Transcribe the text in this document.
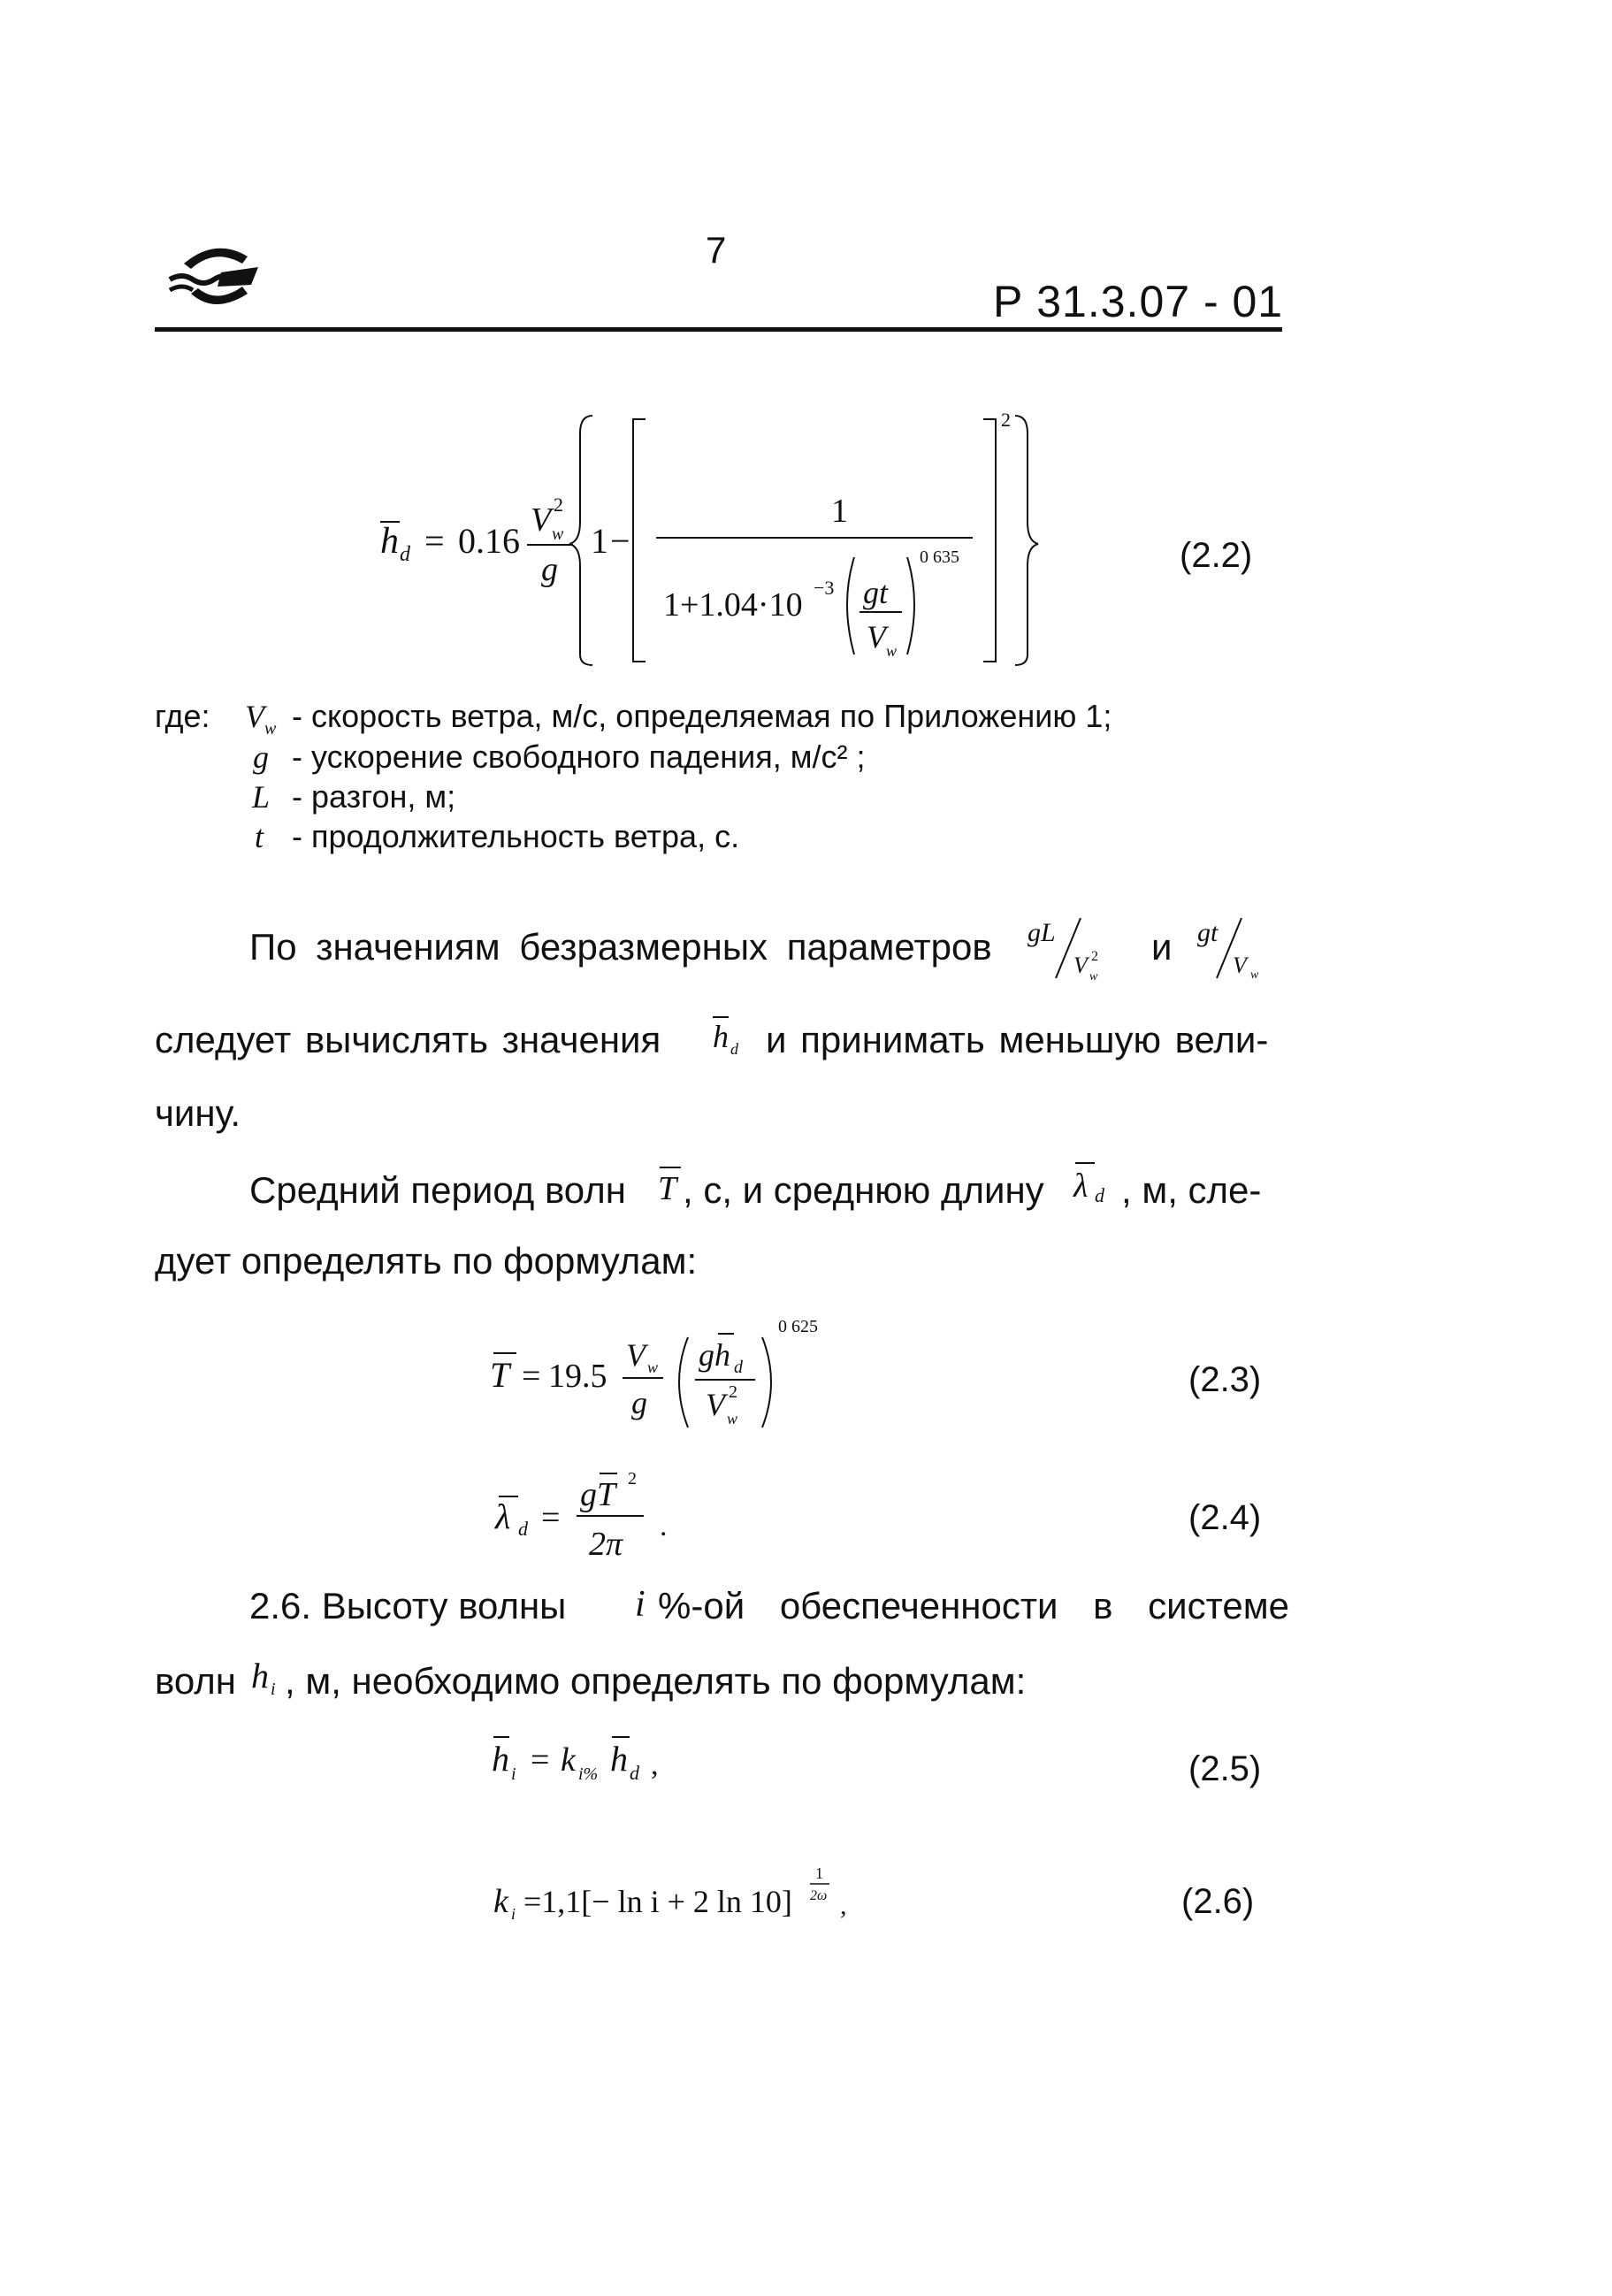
7
Р 31.3.07 - 01
h d = 0.16
V 2
w
g
1 −
1
1+1.04·10 −3 gt
V w
0 635
2
(2.2)
где: $V_w$ - скорость ветра, м/с, определяемая по Приложению 1;
g - ускорение свободного падения, м/с² ;
L - разгон, м;
t - продолжительность ветра, с.
По значениям безразмерных параметров gL
V 2
w
и gt
V w
следует вычислять значения h d и принимать меньшую вели-
чину.
Средний период волн T , с, и среднюю длину λ d , м, сле-
дует определять по формулам:
T = 19.5
V w
g
gh d
V 2
w
0 625
(2.3)
λ d =
gT 2
2π .	(2.4)
2.6. Высоту волны i %-ой обеспеченности в системе
волн h i , м, необходимо определять по формулам:
h i = k i% h d ,	(2.5)
k i =1,1[− ln i + 2 ln 10]
1
2ω ,	(2.6)
